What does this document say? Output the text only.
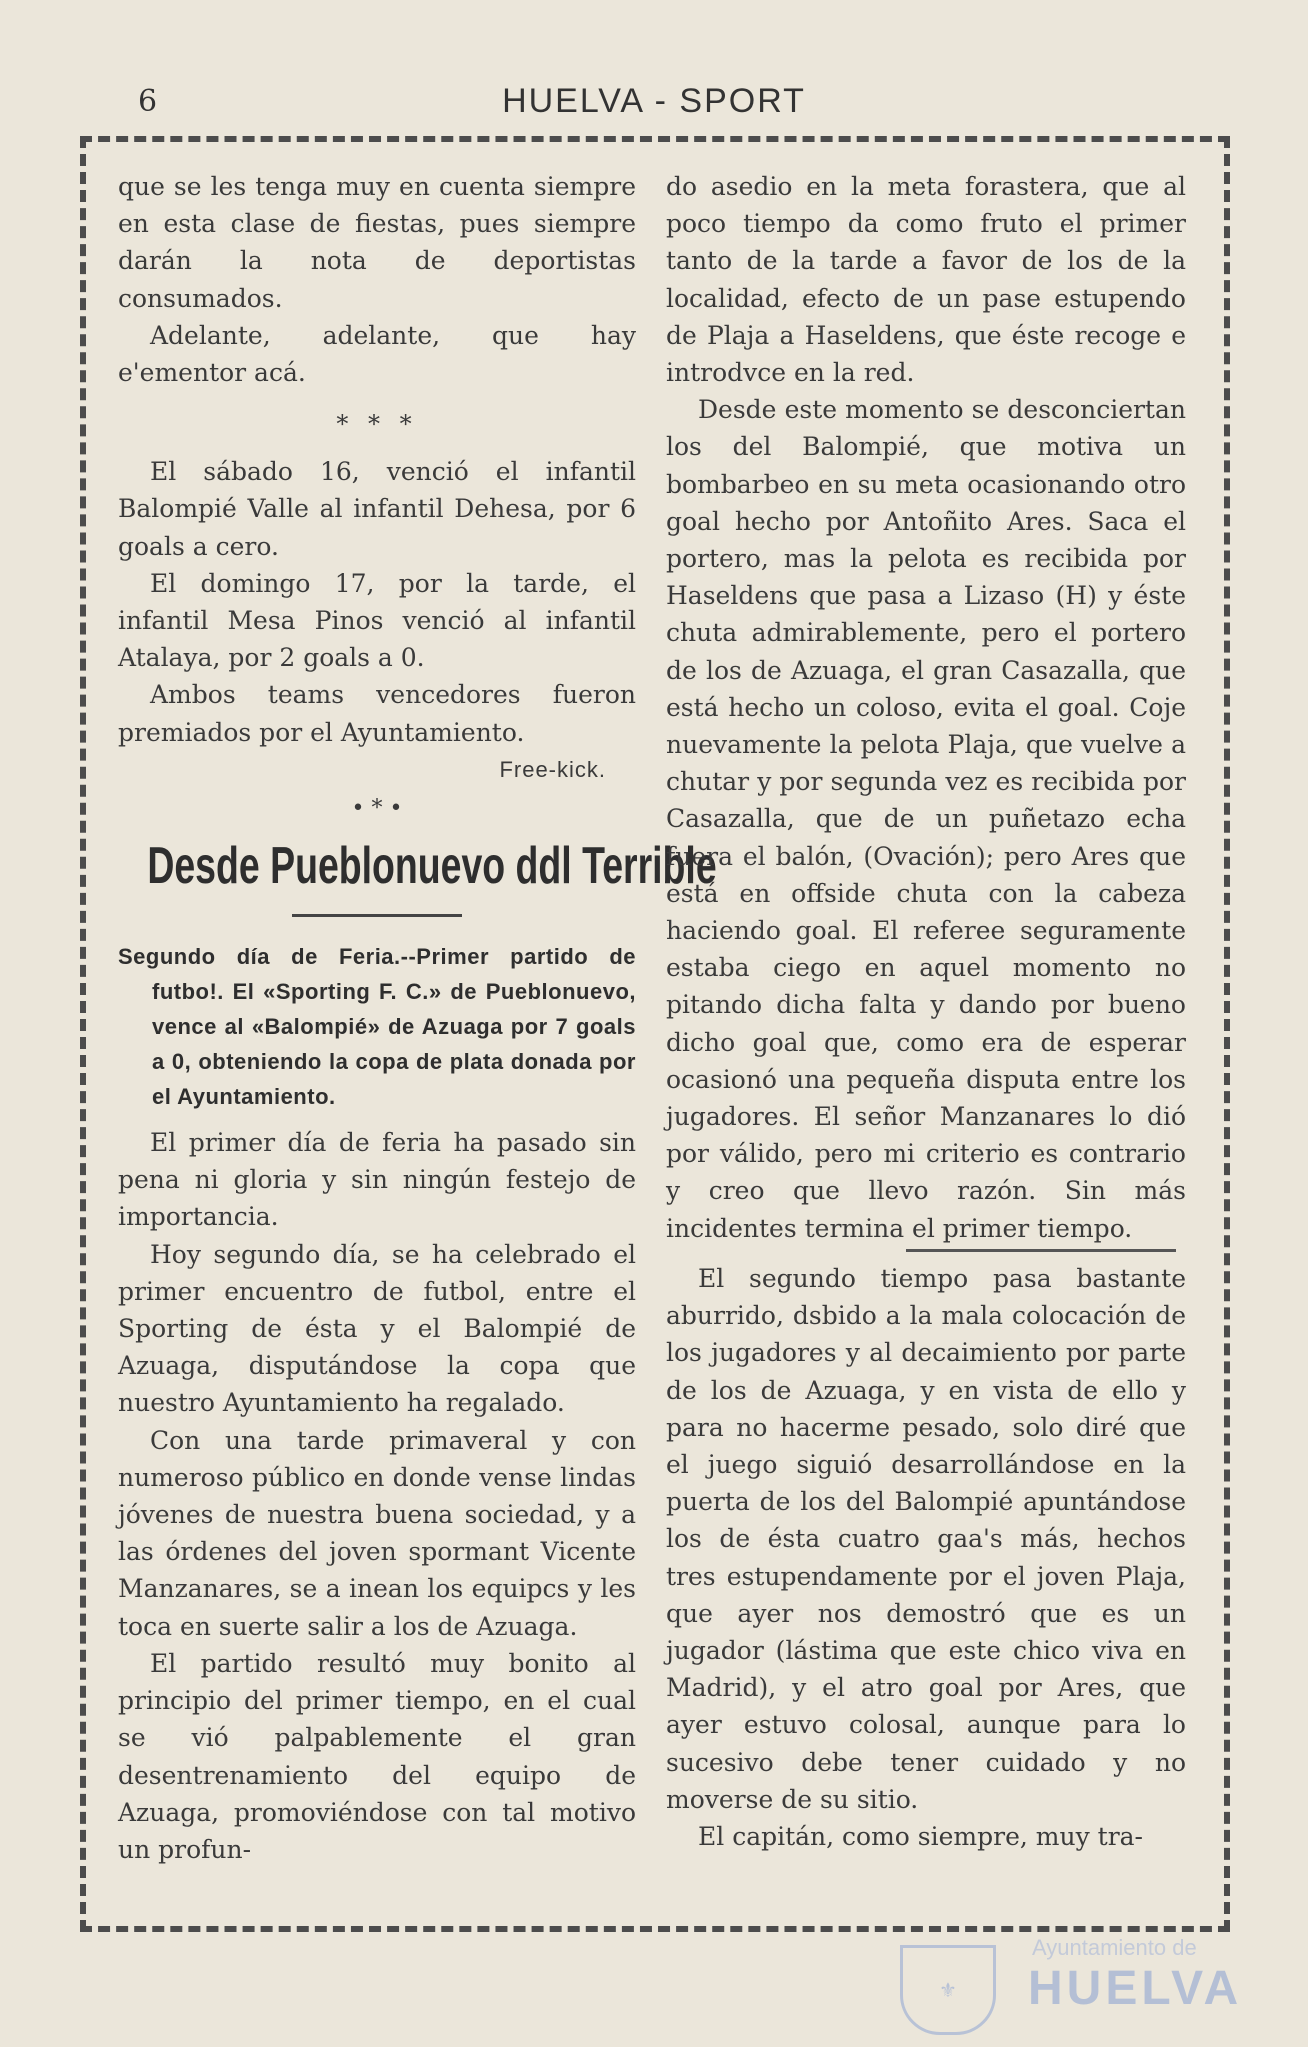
6	HUELVA - SPORT

que se les tenga muy en cuenta siempre en esta clase de fiestas, pues siempre darán la nota de deportistas consumados.

Adelante, adelante, que hay e'ementor acá.

* * *

El sábado 16, venció el infantil Balompié Valle al infantil Dehesa, por 6 goals a cero.

El domingo 17, por la tarde, el infantil Mesa Pinos venció al infantil Atalaya, por 2 goals a 0.

Ambos teams vencedores fueron premiados por el Ayuntamiento.

Free-kick.

• * •
Desde Pueblonuevo ddl Terrible

Segundo día de Feria.--Primer partido de futbo!. El «Sporting F. C.» de Pueblonuevo, vence al «Balompié» de Azuaga por 7 goals a 0, obteniendo la copa de plata donada por el Ayuntamiento.

El primer día de feria ha pasado sin pena ni gloria y sin ningún festejo de importancia.

Hoy segundo día, se ha celebrado el primer encuentro de futbol, entre el Sporting de ésta y el Balompié de Azuaga, disputándose la copa que nuestro Ayuntamiento ha regalado.

Con una tarde primaveral y con numeroso público en donde vense lindas jóvenes de nuestra buena sociedad, y a las órdenes del joven spormant Vicente Manzanares, se a inean los equipcs y les toca en suerte salir a los de Azuaga.

El partido resultó muy bonito al principio del primer tiempo, en el cual se vió palpablemente el gran desentrenamiento del equipo de Azuaga, promoviéndose con tal motivo un profun-

do asedio en la meta forastera, que al poco tiempo da como fruto el primer tanto de la tarde a favor de los de la localidad, efecto de un pase estupendo de Plaja a Haseldens, que éste recoge e introdvce en la red.

Desde este momento se desconciertan los del Balompié, que motiva un bombarbeo en su meta ocasionando otro goal hecho por Antoñito Ares. Saca el portero, mas la pelota es recibida por Haseldens que pasa a Lizaso (H) y éste chuta admirablemente, pero el portero de los de Azuaga, el gran Casazalla, que está hecho un coloso, evita el goal. Coje nuevamente la pelota Plaja, que vuelve a chutar y por segunda vez es recibida por Casazalla, que de un puñetazo echa fuera el balón, (Ovación); pero Ares que está en offside chuta con la cabeza haciendo goal. El referee seguramente estaba ciego en aquel momento no pitando dicha falta y dando por bueno dicho goal que, como era de esperar ocasionó una pequeña disputa entre los jugadores. El señor Manzanares lo dió por válido, pero mi criterio es contrario y creo que llevo razón. Sin más incidentes termina el primer tiempo.

El segundo tiempo pasa bastante aburrido, dsbido a la mala colocación de los jugadores y al decaimiento por parte de los de Azuaga, y en vista de ello y para no hacerme pesado, solo diré que el juego siguió desarrollándose en la puerta de los del Balompié apuntándose los de ésta cuatro gaa's más, hechos tres estupendamente por el joven Plaja, que ayer nos demostró que es un jugador (lástima que este chico viva en Madrid), y el atro goal por Ares, que ayer estuvo colosal, aunque para lo sucesivo debe tener cuidado y no moverse de su sitio.

El capitán, como siempre, muy tra-

⚜
Ayuntamiento de
HUELVA
